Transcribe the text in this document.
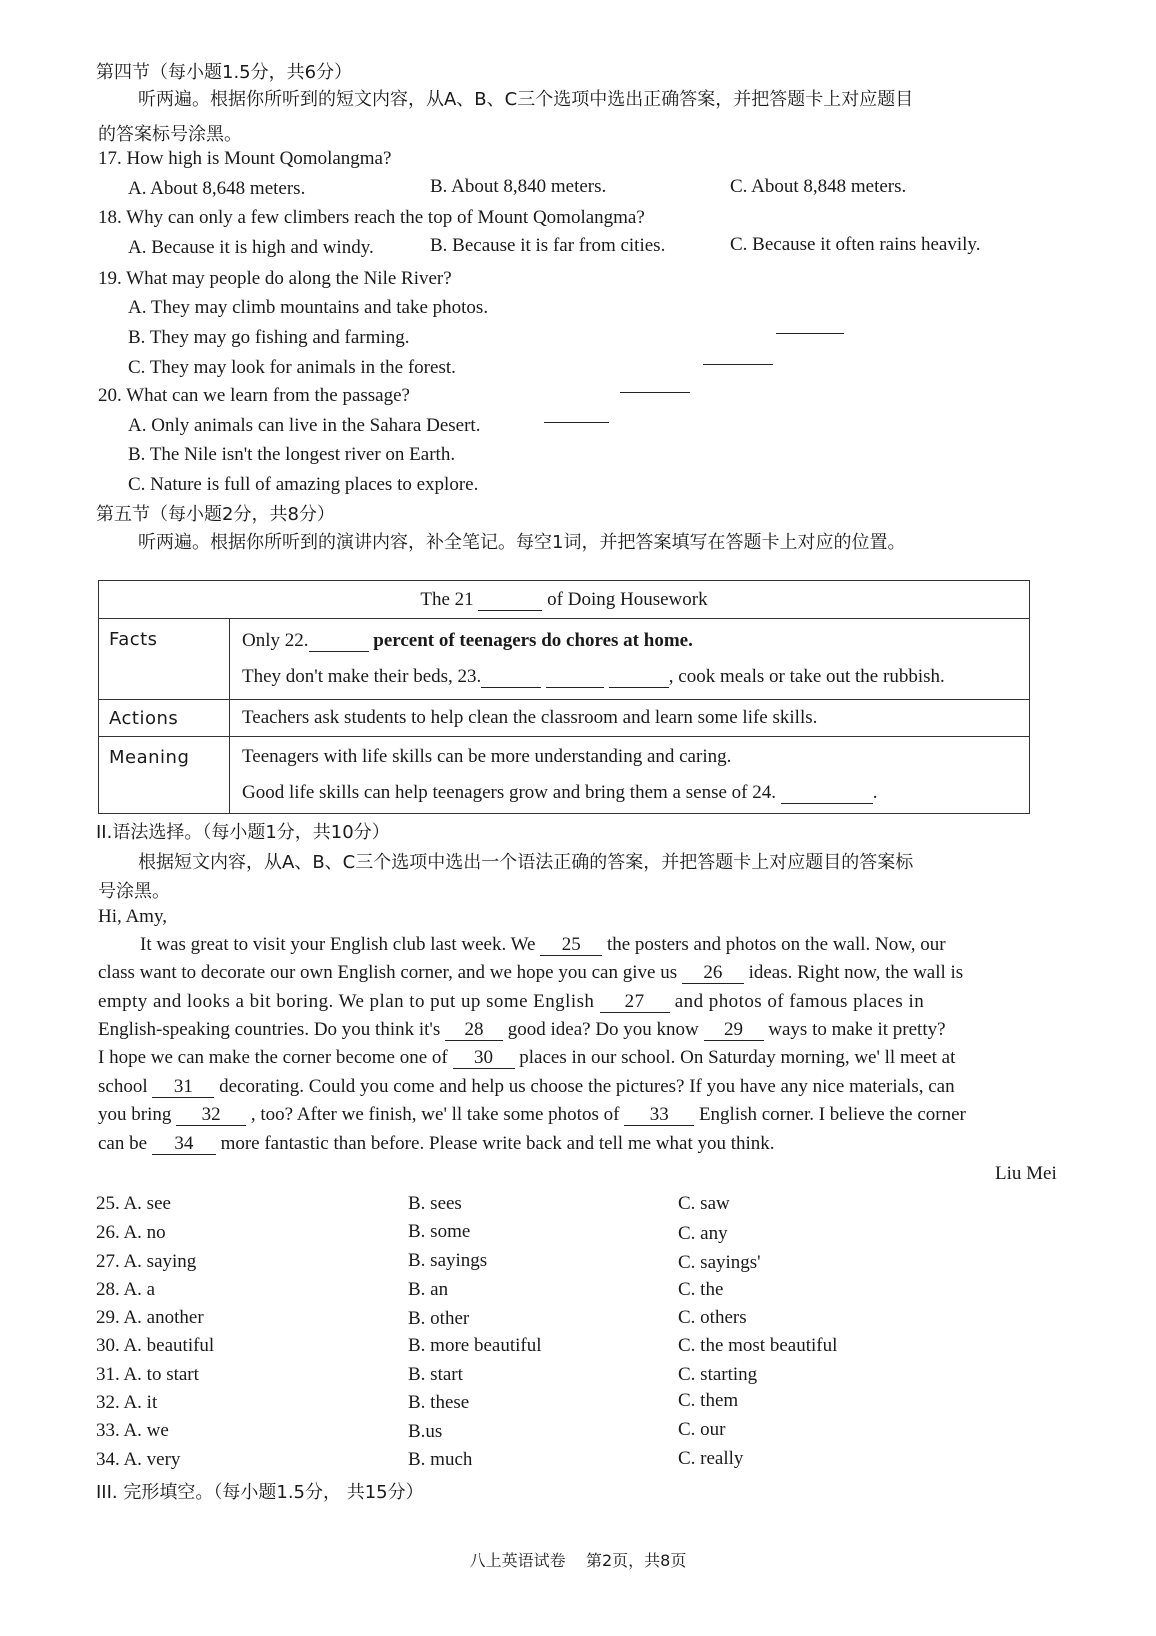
第四节（每小题1.5分，共6分）
听两遍。根据你所听到的短文内容，从A、B、C三个选项中选出正确答案，并把答题卡上对应题目
的答案标号涂黑。
17. How high is Mount Qomolangma?
A. About 8,648 meters.	B. About 8,840 meters.	C. About 8,848 meters.
18. Why can only a few climbers reach the top of Mount Qomolangma?
A. Because it is high and windy.	B. Because it is far from cities.	C. Because it often rains heavily.
19. What may people do along the Nile River?
A. They may climb mountains and take photos.
B. They may go fishing and farming.
C. They may look for animals in the forest.
20. What can we learn from the passage?
A. Only animals can live in the Sahara Desert.
B. The Nile isn't the longest river on Earth.
C. Nature is full of amazing places to explore.
第五节（每小题2分，共8分）
听两遍。根据你所听到的演讲内容，补全笔记。每空1词，并把答案填写在答题卡上对应的位置。
The 21 of Doing Housework	
Facts	Only 22. percent of teenagers do chores at home.
They don't make their beds, 23. , cook meals or take out the rubbish.

Actions	Teachers ask students to help clean the classroom and learn some life skills.

Meaning	Teenagers with life skills can be more understanding and caring.
Good life skills can help teenagers grow and bring them a sense of 24. .
II.语法选择。（每小题1分，共10分）
根据短文内容，从A、B、C三个选项中选出一个语法正确的答案，并把答题卡上对应题目的答案标
号涂黑。
Hi, Amy,
It was great to visit your English club last week. We 25 the posters and photos on the wall. Now, our
class want to decorate our own English corner, and we hope you can give us 26 ideas. Right now, the wall is
empty and looks a bit boring. We plan to put up some English 27 and photos of famous places in
English-speaking countries. Do you think it's 28 good idea? Do you know 29 ways to make it pretty?
I hope we can make the corner become one of 30 places in our school. On Saturday morning, we' ll meet at
school 31 decorating. Could you come and help us choose the pictures? If you have any nice materials, can
you bring 32 , too? After we finish, we' ll take some photos of 33 English corner. I believe the corner
can be 34 more fantastic than before. Please write back and tell me what you think.
Liu Mei
25. A. see	B. sees	C. saw
26. A. no	B. some	C. any
27. A. saying	B. sayings	C. sayings'
28. A. a	B. an	C. the
29. A. another	B. other	C. others
30. A. beautiful	B. more beautiful	C. the most beautiful
31. A. to start	B. start	C. starting
32. A. it	B. these	C. them
33. A. we	B.us	C. our
34. A. very	B. much	C. really
III. 完形填空。（每小题1.5分， 共15分）
八上英语试卷    第2页，共8页
